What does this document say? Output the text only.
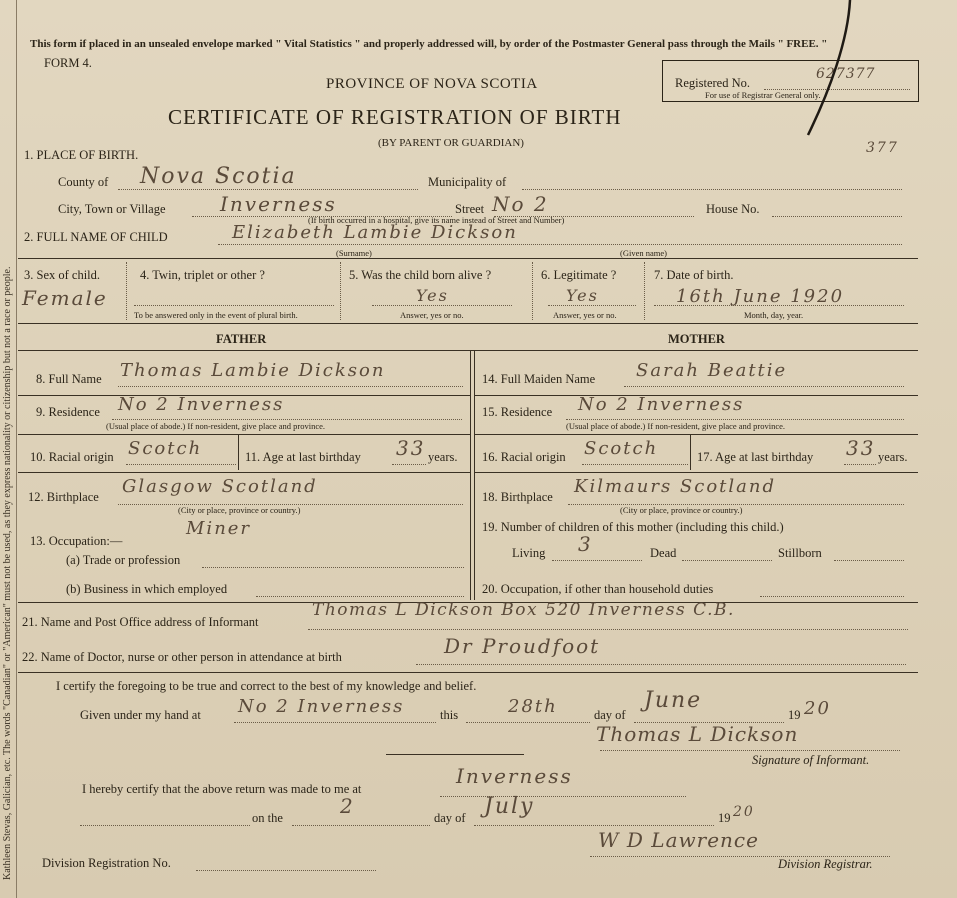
Kathleen Stevas, Galician, etc. The words "Canadian" or "American" must not be used, as they express nationality or citizenship but not a race or people.
This form if placed in an unsealed envelope marked " Vital Statistics " and properly addressed will, by order of the Postmaster General pass through the Mails " FREE. "
FORM 4.
Registered No.
627377
For use of Registrar General only.
PROVINCE OF NOVA SCOTIA
CERTIFICATE OF REGISTRATION OF BIRTH
(BY PARENT OR GUARDIAN)	377
1. PLACE OF BIRTH.
County of Nova Scotia	Municipality of
City, Town or Village	Inverness	Street No 2	House No.
(If birth occurred in a hospital, give its name instead of Street and Number)
2. FULL NAME OF CHILD	Elizabeth Lambie Dickson
(Surname)	(Given name)
3. Sex of child.
Female
4. Twin, triplet or other ?
To be answered only in the event of plural birth.
5. Was the child born alive ?
Yes
Answer, yes or no.
6. Legitimate ?
Yes
Answer, yes or no.
7. Date of birth.
16th June 1920
Month, day, year.
FATHER	MOTHER
8. Full Name Thomas Lambie Dickson
9. Residence No 2 Inverness
(Usual place of abode.) If non-resident, give place and province.
10. Racial origin Scotch	11. Age at last birthday 33 years.
12. Birthplace Glasgow Scotland
(City or place, province or country.)
13. Occupation:—
Miner
(a) Trade or profession
(b) Business in which employed
14. Full Maiden Name Sarah Beattie
15. Residence No 2 Inverness
(Usual place of abode.) If non-resident, give place and province.
16. Racial origin Scotch	17. Age at last birthday 33 years.
18. Birthplace Kilmaurs Scotland
(City or place, province or country.)
19. Number of children of this mother (including this child.)
Living 3	Dead	Stillborn
20. Occupation, if other than household duties
21. Name and Post Office address of Informant
Thomas L Dickson Box 520 Inverness C.B.
22. Name of Doctor, nurse or other person in attendance at birth	Dr Proudfoot
I certify the foregoing to be true and correct to the best of my knowledge and belief.
Given under my hand at No 2 Inverness	this	28th	day of
June
19 20
Thomas L Dickson
Signature of Informant.
I hereby certify that the above return was made to me at
Inverness
on the	2	day of July	19 20
Division Registration No.
W D Lawrence
Division Registrar.
